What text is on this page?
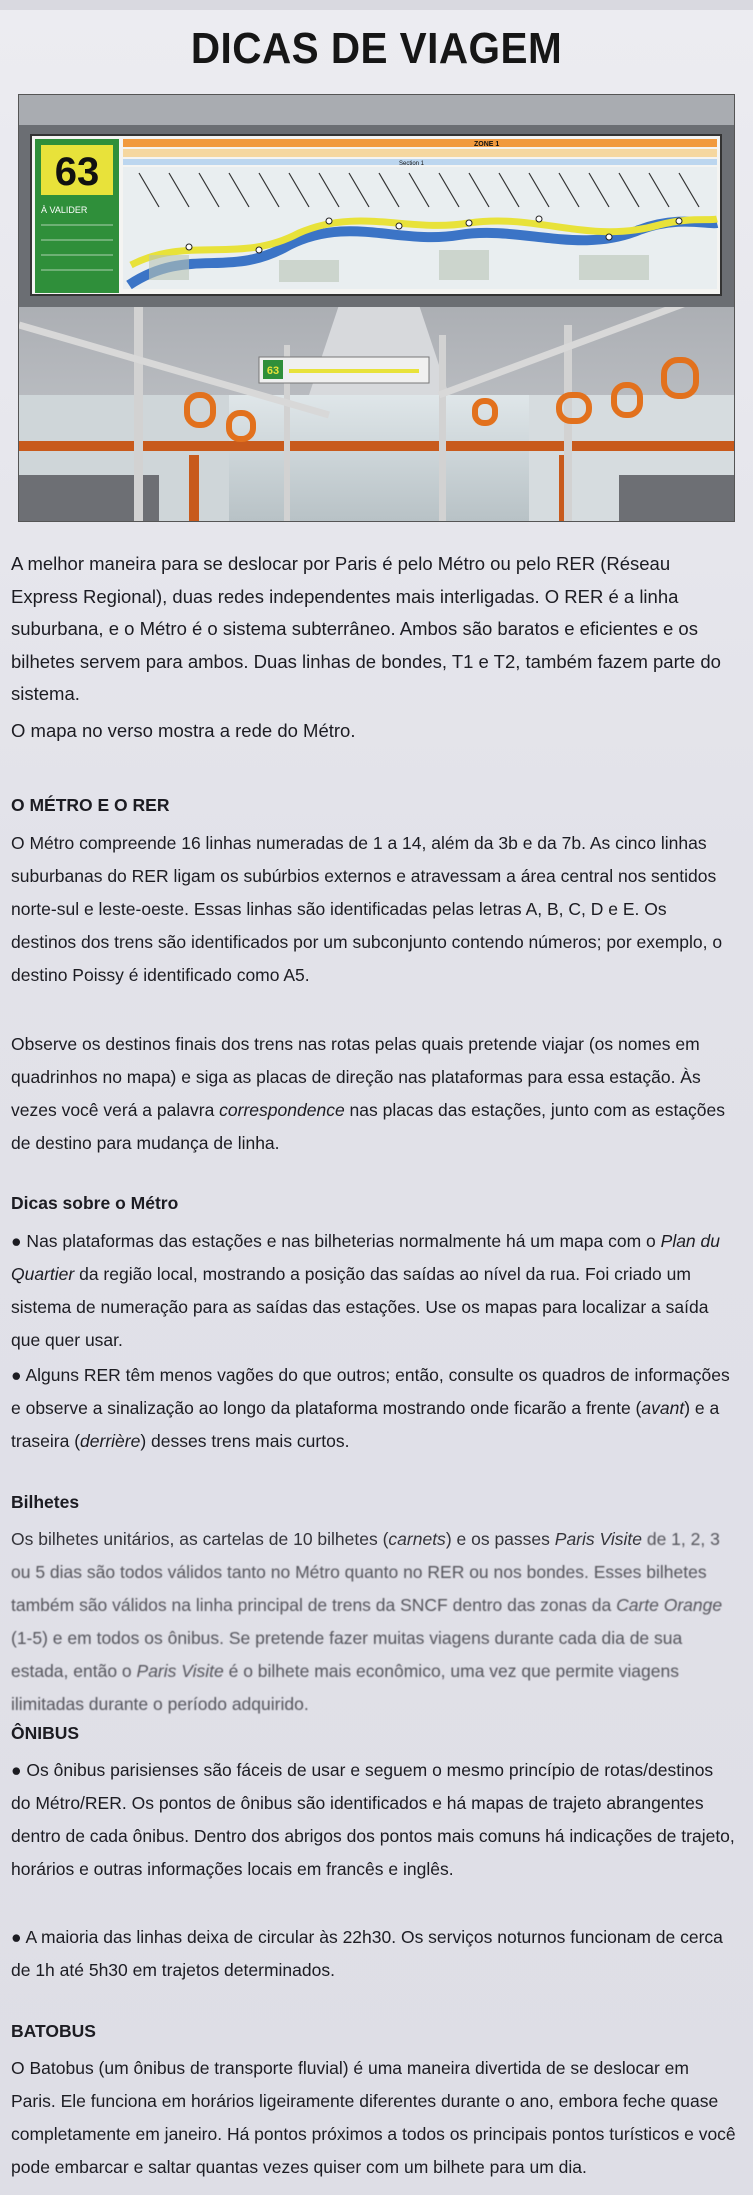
DICAS DE VIAGEM
63
63
À VALIDER
ZONE 1
Section 1

A melhor maneira para se deslocar por Paris é pelo Métro ou pelo RER (Réseau Express Regional), duas redes independentes mais interligadas. O RER é a linha suburbana, e o Métro é o sistema subterrâneo. Ambos são baratos e eficientes e os bilhetes servem para ambos. Duas linhas de bondes, T1 e T2, também fazem parte do sistema.

O mapa no verso mostra a rede do Métro.

O MÉTRO E O RER

O Métro compreende 16 linhas numeradas de 1 a 14, além da 3b e da 7b. As cinco linhas suburbanas do RER ligam os subúrbios externos e atravessam a área central nos sentidos norte-sul e leste-oeste. Essas linhas são identificadas pelas letras A, B, C, D e E. Os destinos dos trens são identificados por um subconjunto contendo números; por exemplo, o destino Poissy é identificado como A5.

Observe os destinos finais dos trens nas rotas pelas quais pretende viajar (os nomes em quadrinhos no mapa) e siga as placas de direção nas plataformas para essa estação. Às vezes você verá a palavra correspondence nas placas das estações, junto com as estações de destino para mudança de linha.

Dicas sobre o Métro

● Nas plataformas das estações e nas bilheterias normalmente há um mapa com o Plan du Quartier da região local, mostrando a posição das saídas ao nível da rua. Foi criado um sistema de numeração para as saídas das estações. Use os mapas para localizar a saída que quer usar.

● Alguns RER têm menos vagões do que outros; então, consulte os quadros de informações e observe a sinalização ao longo da plataforma mostrando onde ficarão a frente (avant) e a traseira (derrière) desses trens mais curtos.

Bilhetes

Os bilhetes unitários, as cartelas de 10 bilhetes (carnets) e os passes Paris Visite de 1, 2, 3 ou 5 dias são todos válidos tanto no Métro quanto no RER ou nos bondes. Esses bilhetes também são válidos na linha principal de trens da SNCF dentro das zonas da Carte Orange (1-5) e em todos os ônibus. Se pretende fazer muitas viagens durante cada dia de sua estada, então o Paris Visite é o bilhete mais econômico, uma vez que permite viagens ilimitadas durante o período adquirido.

ÔNIBUS

● Os ônibus parisienses são fáceis de usar e seguem o mesmo princípio de rotas/destinos do Métro/RER. Os pontos de ônibus são identificados e há mapas de trajeto abrangentes dentro de cada ônibus. Dentro dos abrigos dos pontos mais comuns há indicações de trajeto, horários e outras informações locais em francês e inglês.

● A maioria das linhas deixa de circular às 22h30. Os serviços noturnos funcionam de cerca de 1h até 5h30 em trajetos determinados.

BATOBUS

O Batobus (um ônibus de transporte fluvial) é uma maneira divertida de se deslocar em Paris. Ele funciona em horários ligeiramente diferentes durante o ano, embora feche quase completamente em janeiro. Há pontos próximos a todos os principais pontos turísticos e você pode embarcar e saltar quantas vezes quiser com um bilhete para um dia.
